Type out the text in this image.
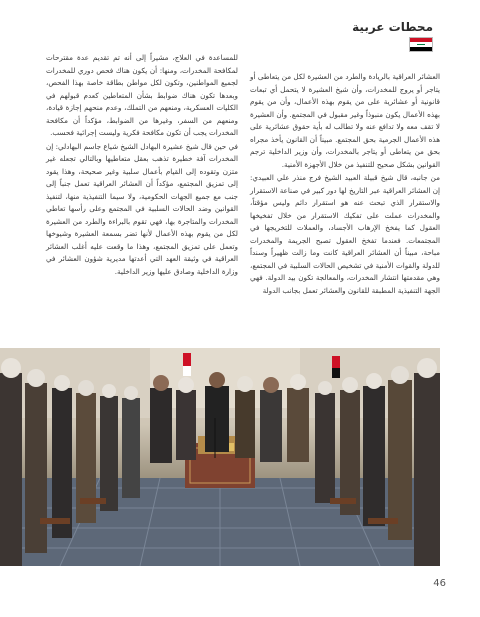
محطات عربية

للمساعدة في العلاج، مشيراً إلى أنه تم تقديم عدة مقترحات لمكافحة المخدرات، ومنها: أن يكون هناك فحص دوري للمخدرات لجميع المواطنين، وتكون لكل مواطن بطاقة خاصة بهذا الفحص، وبعدها تكون هناك ضوابط بشأن المتعاطين كعدم قبولهم في الكليات العسكرية، ومنعهم من التملك، وعدم منحهم إجازة قيادة، ومنعهم من السفر، وغيرها من الضوابط، مؤكداً أن مكافحة المخدرات يجب أن تكون مكافحة فكرية وليست إجرائية فحسب.

في حين قال شيخ عشيرة البهادل الشيخ شياع جاسم البهادلي: إن المخدرات آفة خطيرة تذهب بعقل متعاطيها وبالتالي تجعله غير متزن وتقوده إلى القيام بأعمال سلبية وغير صحيحة، وهذا يقود إلى تمزيق المجتمع، مؤكداً أن العشائر العراقية تعمل جنباً إلى جنب مع جميع الجهات الحكومية، ولا سيما التنفيذية منها، لتنفيذ القوانين وضد الحالات السلبية في المجتمع وعلى رأسها تعاطي المخدرات والمتاجرة بها، فهي تقوم بالبراءة والطرد من العشيرة لكل من يقوم بهذه الأعمال لأنها تضر بسمعة العشيرة وشيوخها وتعمل على تمزيق المجتمع، وهذا ما وقعت عليه أغلب العشائر العراقية في وثيقة العهد التي أعدتها مديرية شؤون العشائر في وزارة الداخلية وصادق عليها وزير الداخلية.

العشائر العراقية بالريادة والطرد من العشيرة لكل من يتعاطى أو يتاجر أو يروج للمخدرات، وأن شيخ العشيرة لا يتحمل أي تبعات قانونية أو عشائرية على من يقوم بهذه الأعمال، وأن من يقوم بهذه الأعمال يكون منبوذاً وغير مقبول في المجتمع. وأن العشيرة لا تقف معه ولا تدافع عنه ولا تطالب له بأية حقوق عشائرية على هذه الأعمال الجرمية بحق المجتمع. مبيناً أن القانون يأخذ مجراه بحق من يتعاطى أو يتاجر بالمخدرات، وأن وزير الداخلية ترجم القوانين بشكل صحيح للتنفيذ من خلال الأجهزة الأمنية.

من جانبه، قال شيخ قبيلة العبيد الشيخ فرج منذر علي العبيدي: إن العشائر العراقية عبر التاريخ لها دور كبير في صناعة الاستقرار والاستقرار الذي تبحث عنه هو استقرار دائم وليس مؤقتاً، والمخدرات عملت على تفكيك الاستقرار من خلال تفخيخها العقول كما يفخخ الإرهاب الأجساد، والعملات للتخريجها في المجتمعات. فعندما تفخخ العقول تصبح الجريمة والمخدرات مباحة، مبيناً أن العشائر العراقية كانت وما زالت ظهيراً وسنداً للدولة والقوات الأمنية في تشخيص الحالات السلبية في المجتمع، وهي مقدمتها انتشار المخدرات، والمعالجة تكون بيد الدولة. فهي الجهة التنفيذية المطبقة للقانون والعشائر تعمل بجانب الدولة

46
